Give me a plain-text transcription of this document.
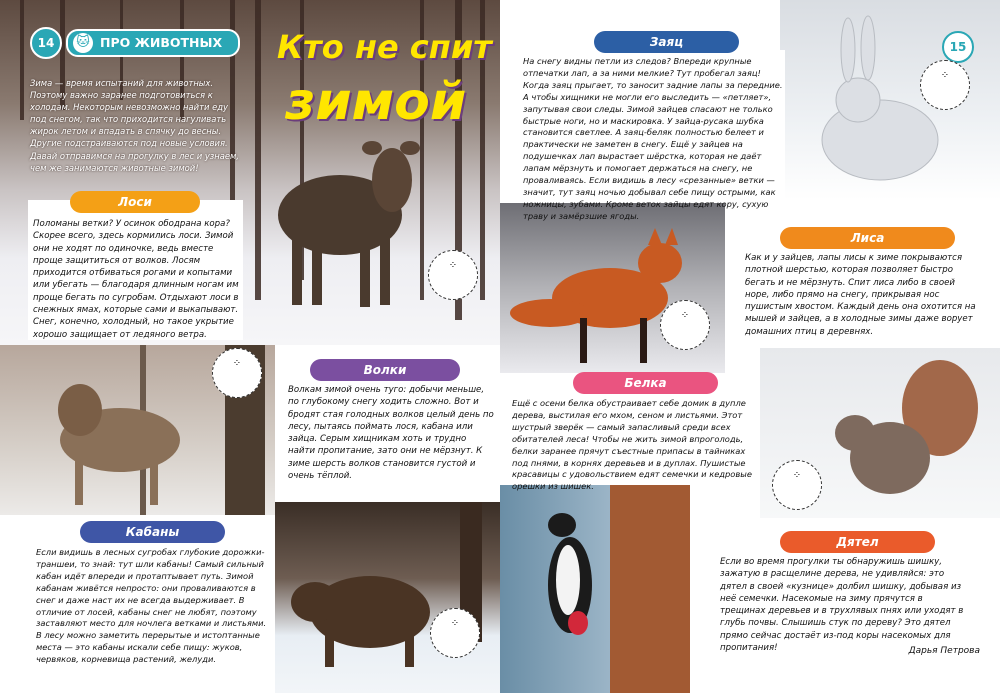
14	🐱 ПРО ЖИВОТНЫХ Кто не спит
зимой
Зима — время испытаний для животных. Поэтому важно заранее подготовиться к холодам. Некоторым невозможно найти еду под снегом, так что приходится нагуливать жирок летом и впадать в спячку до весны. Другие подстраиваются под новые условия. Давай отправимся на прогулку в лес и узнаем, чем же занимаются животные зимой!
15
Лоси
Поломаны ветки? У осинок ободрана кора? Скорее всего, здесь кормились лоси. Зимой они не ходят по одиночке, ведь вместе проще защититься от волков. Лосям приходится отбиваться рогами и копытами или убегать — благодаря длинным ногам им проще бегать по сугробам. Отдыхают лоси в снежных ямах, которые сами и выкапывают. Снег, конечно, холодный, но такое укрытие хорошо защищает от ледяного ветра.
⁘
Волки
Волкам зимой очень туго: добычи меньше, по глубокому снегу ходить сложно. Вот и бродят стая голодных волков целый день по лесу, пытаясь поймать лося, кабана или зайца. Серым хищникам хоть и трудно найти пропитание, зато они не мёрзнут. К зиме шерсть волков становится густой и очень тёплой.
⁘
Кабаны
Если видишь в лесных сугробах глубокие дорожки-траншеи, то знай: тут шли кабаны! Самый сильный кабан идёт впереди и протаптывает путь. Зимой кабанам живётся непросто: они проваливаются в снег и даже наст их не всегда выдерживает. В отличие от лосей, кабаны снег не любят, поэтому заставляют место для ночлега ветками и листьями. В лесу можно заметить перерытые и истоптанные места — это кабаны искали себе пищу: жуков, червяков, корневища растений, желуди.
⁘
Заяц
На снегу видны петли из следов? Впереди крупные отпечатки лап, а за ними мелкие? Тут пробегал заяц! Когда заяц прыгает, то заносит задние лапы за передние. А чтобы хищники не могли его выследить — «петляет», запутывая свои следы. Зимой зайцев спасают не только быстрые ноги, но и маскировка. У зайца-русака шубка становится светлее. А заяц-беляк полностью белеет и практически не заметен в снегу. Ещё у зайцев на подушечках лап вырастает шёрстка, которая не даёт лапам мёрзнуть и помогает держаться на снегу, не проваливаясь. Если видишь в лесу «срезанные» ветки — значит, тут заяц ночью добывал себе пищу острыми, как ножницы, зубами. Кроме веток зайцы едят кору, сухую траву и замёрзшие ягоды.
⁘
Лиса
Как и у зайцев, лапы лисы к зиме покрываются плотной шерстью, которая позволяет быстро бегать и не мёрзнуть. Спит лиса либо в своей норе, либо прямо на снегу, прикрывая нос пушистым хвостом. Каждый день она охотится на мышей и зайцев, а в холодные зимы даже ворует домашних птиц в деревнях.
⁘
Белка
Ещё с осени белка обустраивает себе домик в дупле дерева, выстилая его мхом, сеном и листьями. Этот шустрый зверёк — самый запасливый среди всех обитателей леса! Чтобы не жить зимой впроголодь, белки заранее прячут съестные припасы в тайниках под пнями, в корнях деревьев и в дуплах. Пушистые красавицы с удовольствием едят семечки и кедровые орешки из шишек.
⁘
Дятел
Если во время прогулки ты обнаружишь шишку, зажатую в расщелине дерева, не удивляйся: это дятел в своей «кузнице» долбил шишку, добывая из неё семечки. Насекомые на зиму прячутся в трещинах деревьев и в трухлявых пнях или уходят в глубь почвы. Слышишь стук по дереву? Это дятел прямо сейчас достаёт из-под коры насекомых для пропитания!	Дарья Петрова
